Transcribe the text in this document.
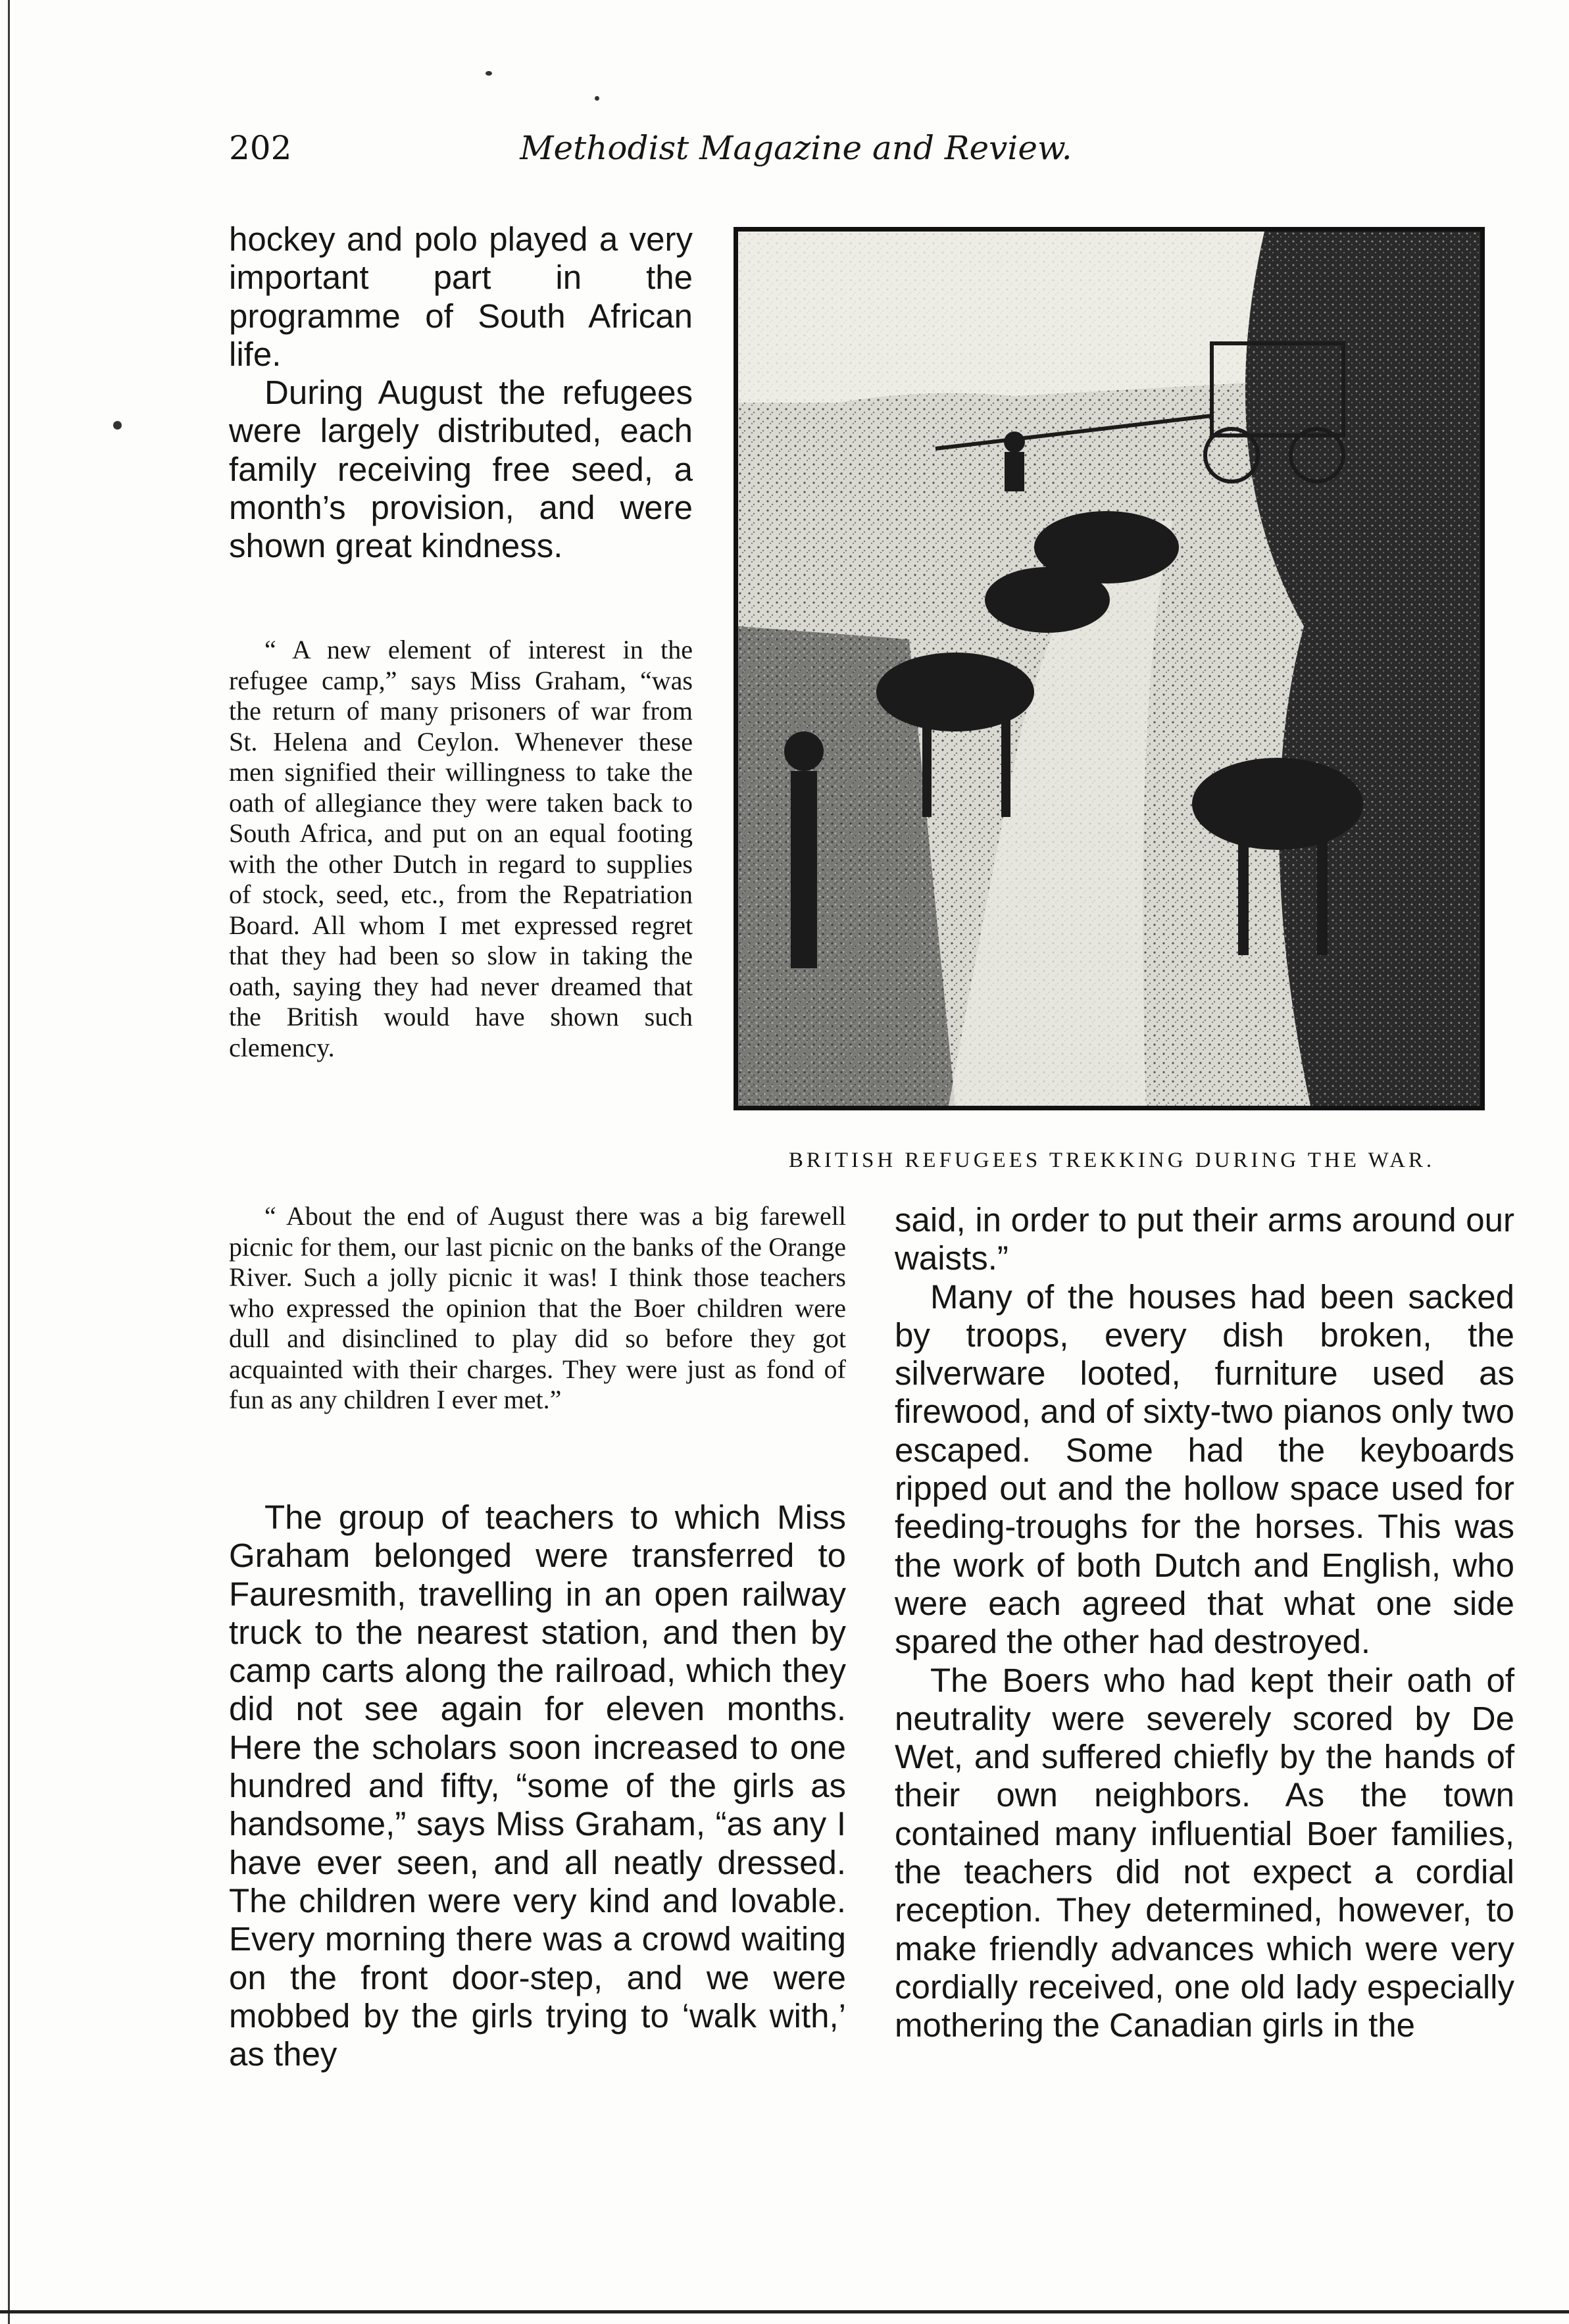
202	Methodist Magazine and Review.

hockey and polo played a very important part in the programme of South African life.

During August the refugees were largely distributed, each family receiving free seed, a month’s provision, and were shown great kindness.

“ A new element of interest in the refugee camp,” says Miss Graham, “was the return of many prisoners of war from St. Helena and Ceylon. Whenever these men signified their willingness to take the oath of allegiance they were taken back to South Africa, and put on an equal footing with the other Dutch in regard to supplies of stock, seed, etc., from the Repatriation Board. All whom I met expressed regret that they had been so slow in taking the oath, saying they had never dreamed that the British would have shown such clemency.

BRITISH REFUGEES TREKKING DURING THE WAR.

“ About the end of August there was a big farewell picnic for them, our last picnic on the banks of the Orange River. Such a jolly picnic it was! I think those teachers who expressed the opinion that the Boer children were dull and disinclined to play did so before they got acquainted with their charges. They were just as fond of fun as any children I ever met.”

The group of teachers to which Miss Graham belonged were transferred to Fauresmith, travelling in an open railway truck to the nearest station, and then by camp carts along the railroad, which they did not see again for eleven months. Here the scholars soon increased to one hundred and fifty, “some of the girls as handsome,” says Miss Graham, “as any I have ever seen, and all neatly dressed. The children were very kind and lovable. Every morning there was a crowd waiting on the front door-step, and we were mobbed by the girls trying to ‘walk with,’ as they

said, in order to put their arms around our waists.”

Many of the houses had been sacked by troops, every dish broken, the silverware looted, furniture used as firewood, and of sixty-two pianos only two escaped. Some had the keyboards ripped out and the hollow space used for feeding-troughs for the horses. This was the work of both Dutch and English, who were each agreed that what one side spared the other had destroyed.

The Boers who had kept their oath of neutrality were severely scored by De Wet, and suffered chiefly by the hands of their own neighbors. As the town contained many influential Boer families, the teachers did not expect a cordial reception. They determined, however, to make friendly advances which were very cordially received, one old lady especially mothering the Canadian girls in the
